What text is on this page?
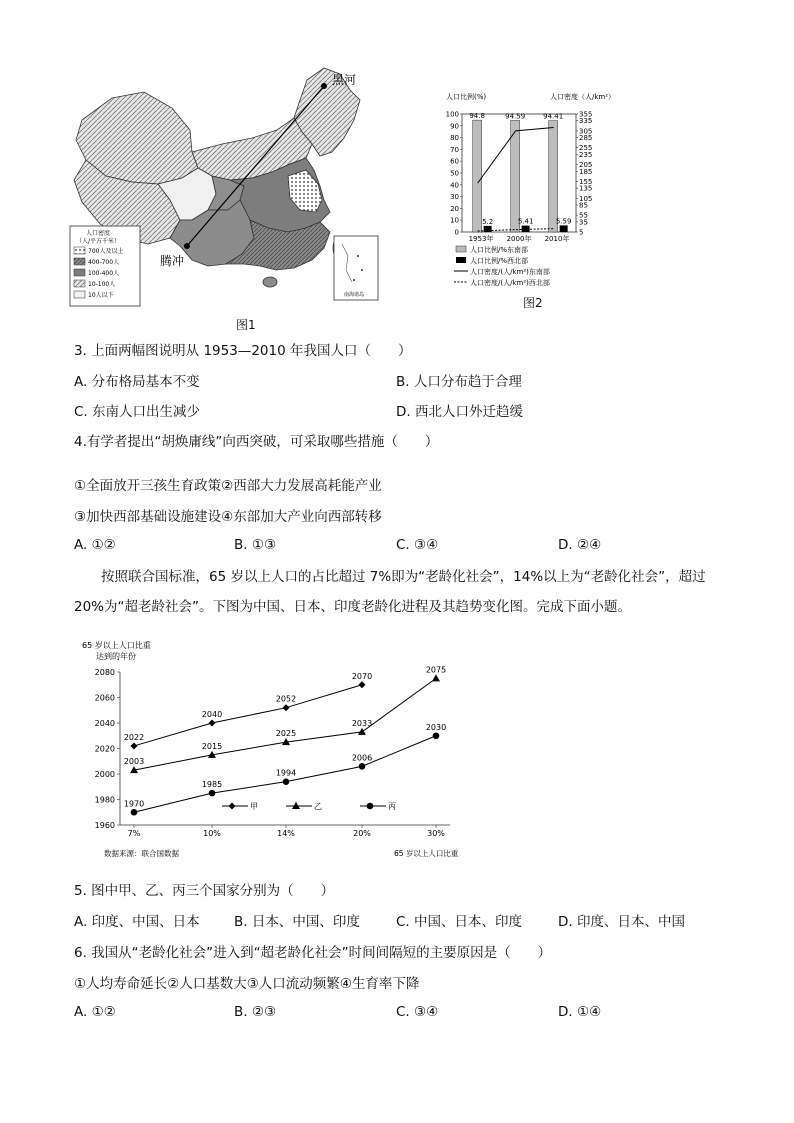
黑河
腾冲
人口密度
（人/平方千米）
700人及以上
400-700人
100-400人
10-100人
10人以下	南海诸岛
图1
人口比例(%)	人口密度（人/km²）
0
10
20
30
40
50
60
70
80
90
100
5
35
55
85
105
135
155
185
205
235
255
285
305
335
355
94.8
5.2
1953年
94.59
5.41
2000年
94.41
5.59
2010年
人口比例/%东南部
人口比例/%西北部
人口密度/(人/km²)东南部
人口密度/(人/km²)西北部
图2
3. 上面两幅图说明从 1953—2010 年我国人口（　　）
A. 分布格局基本不变	B. 人口分布趋于合理
C. 东南人口出生减少	D. 西北人口外迁趋缓
4.有学者提出“胡焕庸线”向西突破，可采取哪些措施（　　）
①全面放开三孩生育政策②西部大力发展高耗能产业
③加快西部基础设施建设④东部加大产业向西部转移
A. ①②	B. ①③	C. ③④	D. ②④
按照联合国标准，65 岁以上人口的占比超过 7%即为“老龄化社会”，14%以上为“老龄化社会”，超过 20%为“超老龄社会”。下图为中国、日本、印度老龄化进程及其趋势变化图。完成下面小题。
65 岁以上人口比重
达到的年份
1960
1980
2000
2020
2040
2060
2080
7%	10%	14%	20%	30%
2022
2040
2052
2070
2003
2015
2025
2033
2075
1970
1985
1994
2006
2030
甲	乙	丙
数据来源：联合国数据	65 岁以上人口比重
5. 图中甲、乙、丙三个国家分别为（　　）
A. 印度、中国、日本	B. 日本、中国、印度	C. 中国、日本、印度	D. 印度、日本、中国
6. 我国从“老龄化社会”进入到“超老龄化社会”时间间隔短的主要原因是（　　）
①人均寿命延长②人口基数大③人口流动频繁④生育率下降
A. ①②	B. ②③	C. ③④	D. ①④
